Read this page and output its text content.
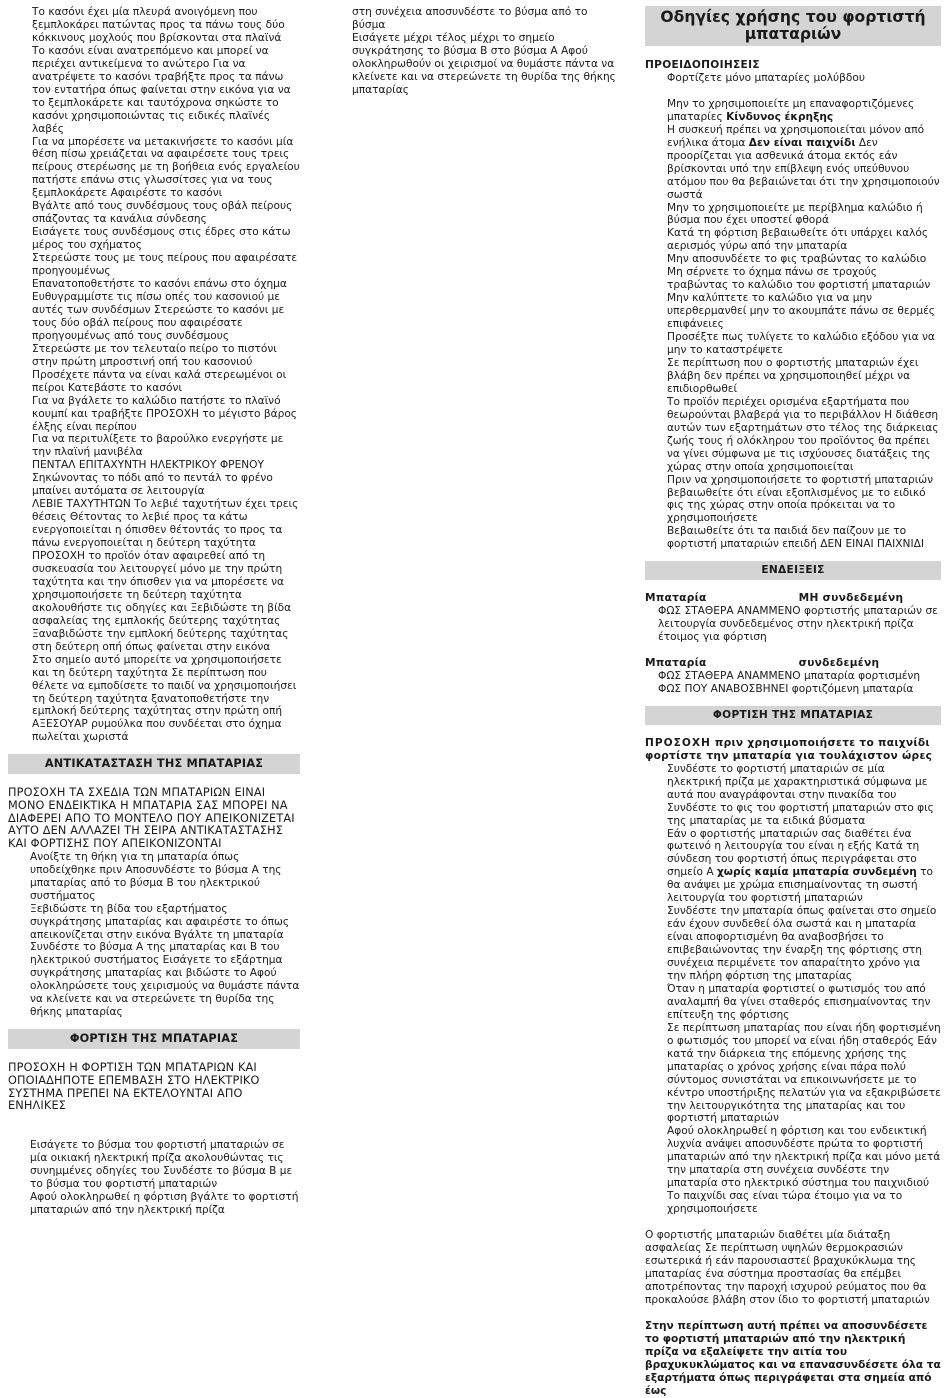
Το κασόνι έχει μία πλευρά ανοιγόμενη που ξεμπλοκάρει πατώντας προς τα πάνω τους δύο κόκκινους μοχλούς που βρίσκονται στα πλαϊνά

Το κασόνι είναι ανατρεπόμενο και μπορεί να περιέχει αντικείμενα το ανώτερο Για να ανατρέψετε το κασόνι τραβήξτε προς τα πάνω τον εντατήρα όπως φαίνεται στην εικόνα για να το ξεμπλοκάρετε και ταυτόχρονα σηκώστε το κασόνι χρησιμοποιώντας τις ειδικές πλαϊνές λαβές

Για να μπορέσετε να μετακινήσετε το κασόνι μία θέση πίσω χρειάζεται να αφαιρέσετε τους τρεις πείρους στερέωσης με τη βοήθεια ενός εργαλείου πατήστε επάνω στις γλωσσίτσες για να τους ξεμπλοκάρετε Αφαιρέστε το κασόνι

Βγάλτε από τους συνδέσμους τους οβάλ πείρους σπάζοντας τα κανάλια σύνδεσης

Εισάγετε τους συνδέσμους στις έδρες στο κάτω μέρος του σχήματος

Στερεώστε τους με τους πείρους που αφαιρέσατε προηγουμένως

Επανατοποθετήστε το κασόνι επάνω στο όχημα

Ευθυγραμμίστε τις πίσω οπές του κασονιού με αυτές των συνδέσμων Στερεώστε το κασόνι με τους δύο οβάλ πείρους που αφαιρέσατε προηγουμένως από τους συνδέσμους

Στερεώστε με τον τελευταίο πείρο το πιστόνι στην πρώτη μπροστινή οπή του κασονιού

Προσέχετε πάντα να είναι καλά στερεωμένοι οι πείροι Κατεβάστε το κασόνι

Για να βγάλετε το καλώδιο πατήστε το πλαϊνό κουμπί και τραβήξτε ΠΡΟΣΟΧΗ το μέγιστο βάρος έλξης είναι περίπου

Για να περιτυλίξετε το βαρούλκο ενεργήστε με την πλαϊνή μανιβέλα

ΠΕΝΤΑΛ ΕΠΙΤΑΧΥΝΤΗ ΗΛΕΚΤΡΙΚΟΥ ΦΡΕΝΟΥ Σηκώνοντας το πόδι από το πεντάλ το φρένο μπαίνει αυτόματα σε λειτουργία

ΛΕΒΙΕ ΤΑΧΥΤΗΤΩΝ Το λεβιέ ταχυτήτων έχει τρεις θέσεις Θέτοντας το λεβιέ προς τα κάτω ενεργοποιείται η όπισθεν θέτοντάς το προς τα πάνω ενεργοποιείται η δεύτερη ταχύτητα

ΠΡΟΣΟΧΗ το προϊόν όταν αφαιρεθεί από τη συσκευασία του λειτουργεί μόνο με την πρώτη ταχύτητα και την όπισθεν για να μπορέσετε να χρησιμοποιήσετε τη δεύτερη ταχύτητα ακολουθήστε τις οδηγίες και Ξεβιδώστε τη βίδα ασφαλείας της εμπλοκής δεύτερης ταχύτητας

Ξαναβιδώστε την εμπλοκή δεύτερης ταχύτητας στη δεύτερη οπή όπως φαίνεται στην εικόνα

Στο σημείο αυτό μπορείτε να χρησιμοποιήσετε και τη δεύτερη ταχύτητα Σε περίπτωση που θέλετε να εμποδίσετε το παιδί να χρησιμοποιήσει τη δεύτερη ταχύτητα ξανατοποθετήστε την εμπλοκή δεύτερης ταχύτητας στην πρώτη οπή

ΑΞΕΣΟΥΑΡ ρυμούλκα που συνδέεται στο όχημα πωλείται χωριστά

ΑΝΤΙΚΑΤΑΣΤΑΣΗ ΤΗΣ ΜΠΑΤΑΡΙΑΣ

ΠΡΟΣΟΧΗ ΤΑ ΣΧΕΔΙΑ ΤΩΝ ΜΠΑΤΑΡΙΩΝ ΕΙΝΑΙ ΜΟΝΟ ΕΝΔΕΙΚΤΙΚΑ Η ΜΠΑΤΑΡΙΑ ΣΑΣ ΜΠΟΡΕΙ ΝΑ ΔΙΑΦΕΡΕΙ ΑΠΟ ΤΟ ΜΟΝΤΕΛΟ ΠΟΥ ΑΠΕΙΚΟΝΙΖΕΤΑΙ ΑΥΤΟ ΔΕΝ ΑΛΛΑΖΕΙ ΤΗ ΣΕΙΡΑ ΑΝΤΙΚΑΤΑΣΤΑΣΗΣ ΚΑΙ ΦΟΡΤΙΣΗΣ ΠΟΥ ΑΠΕΙΚΟΝΙΖΟΝΤΑΙ

Ανοίξτε τη θήκη για τη μπαταρία όπως υποδείχθηκε πριν Αποσυνδέστε το βύσμα Α της μπαταρίας από το βύσμα Β του ηλεκτρικού συστήματος

Ξεβιδώστε τη βίδα του εξαρτήματος συγκράτησης μπαταρίας και αφαιρέστε το όπως απεικονίζεται στην εικόνα Βγάλτε τη μπαταρία

Συνδέστε το βύσμα Α της μπαταρίας και Β του ηλεκτρικού συστήματος Εισάγετε το εξάρτημα συγκράτησης μπαταρίας και βιδώστε το Αφού ολοκληρώσετε τους χειρισμούς να θυμάστε πάντα να κλείνετε και να στερεώνετε τη θυρίδα της θήκης μπαταρίας

ΦΟΡΤΙΣΗ ΤΗΣ ΜΠΑΤΑΡΙΑΣ

ΠΡΟΣΟΧΗ Η ΦΟΡΤΙΣΗ ΤΩΝ ΜΠΑΤΑΡΙΩΝ ΚΑΙ ΟΠΟΙΑΔΗΠΟΤΕ ΕΠΕΜΒΑΣΗ ΣΤΟ ΗΛΕΚΤΡΙΚΟ ΣΥΣΤΗΜΑ ΠΡΕΠΕΙ ΝΑ ΕΚΤΕΛΟΥΝΤΑΙ ΑΠΟ ΕΝΗΛΙΚΕΣ

Εισάγετε το βύσμα του φορτιστή μπαταριών σε μία οικιακή ηλεκτρική πρίζα ακολουθώντας τις συνημμένες οδηγίες του Συνδέστε το βύσμα Β με το βύσμα του φορτιστή μπαταριών

Αφού ολοκληρωθεί η φόρτιση βγάλτε το φορτιστή μπαταριών από την ηλεκτρική πρίζα

στη συνέχεια αποσυνδέστε το βύσμα από το βύσμα
Εισάγετε μέχρι τέλος μέχρι το σημείο συγκράτησης το βύσμα Β στο βύσμα Α Αφού ολοκληρωθούν οι χειρισμοί να θυμάστε πάντα να κλείνετε και να στερεώνετε τη θυρίδα της θήκης μπαταρίας

Οδηγίες χρήσης του φορτιστή μπαταριών

ΠΡΟΕΙΔΟΠΟΙΗΣΕΙΣ

Φορτίζετε μόνο μπαταρίες μολύβδου

Μην το χρησιμοποιείτε μη επαναφορτιζόμενες μπαταρίες Κίνδυνος έκρηξης

Η συσκευή πρέπει να χρησιμοποιείται μόνον από ενήλικα άτομα Δεν είναι παιχνίδι Δεν προορίζεται για ασθενικά άτομα εκτός εάν βρίσκονται υπό την επίβλεψη ενός υπεύθυνου ατόμου που θα βεβαιώνεται ότι την χρησιμοποιούν σωστά

Μην το χρησιμοποιείτε με περίβλημα καλώδιο ή βύσμα που έχει υποστεί φθορά

Κατά τη φόρτιση βεβαιωθείτε ότι υπάρχει καλός αερισμός γύρω από την μπαταρία

Μην αποσυνδέετε το φις τραβώντας το καλώδιο

Μη σέρνετε το όχημα πάνω σε τροχούς τραβώντας το καλώδιο του φορτιστή μπαταριών

Μην καλύπτετε το καλώδιο για να μην υπερθερμανθεί μην το ακουμπάτε πάνω σε θερμές επιφάνειες

Προσέξτε πως τυλίγετε το καλώδιο εξόδου για να μην το καταστρέψετε

Σε περίπτωση που ο φορτιστής μπαταριών έχει βλάβη δεν πρέπει να χρησιμοποιηθεί μέχρι να επιδιορθωθεί

Το προϊόν περιέχει ορισμένα εξαρτήματα που θεωρούνται βλαβερά για το περιβάλλον Η διάθεση αυτών των εξαρτημάτων στο τέλος της διάρκειας ζωής τους ή ολόκληρου του προϊόντος θα πρέπει να γίνει σύμφωνα με τις ισχύουσες διατάξεις της χώρας στην οποία χρησιμοποιείται

Πριν να χρησιμοποιήσετε το φορτιστή μπαταριών βεβαιωθείτε ότι είναι εξοπλισμένος με το ειδικό φις της χώρας στην οποία πρόκειται να το χρησιμοποιήσετε

Βεβαιωθείτε ότι τα παιδιά δεν παίζουν με το φορτιστή μπαταριών επειδή ΔΕΝ ΕΙΝΑΙ ΠΑΙΧΝΙΔΙ

ΕΝΔΕΙΞΕΙΣ

Μπαταρία	ΜΗ συνδεδεμένη

ΦΩΣ ΣΤΑΘΕΡΑ ΑΝΑΜΜΕΝΟ φορτιστής μπαταριών σε λειτουργία συνδεδεμένος στην ηλεκτρική πρίζα έτοιμος για φόρτιση

Μπαταρία	συνδεδεμένη

ΦΩΣ ΣΤΑΘΕΡΑ ΑΝΑΜΜΕΝΟ μπαταρία φορτισμένη

ΦΩΣ ΠΟΥ ΑΝΑΒΟΣΒΗΝΕΙ φορτιζόμενη μπαταρία

ΦΟΡΤΙΣΗ ΤΗΣ ΜΠΑΤΑΡΙΑΣ

ΠΡΟΣΟΧΗ πριν χρησιμοποιήσετε το παιχνίδι φορτίστε την μπαταρία για τουλάχιστον ώρες

Συνδέστε το φορτιστή μπαταριών σε μία ηλεκτρική πρίζα με χαρακτηριστικά σύμφωνα με αυτά που αναγράφονται στην πινακίδα του

Συνδέστε το φις του φορτιστή μπαταριών στο φις της μπαταρίας με τα ειδικά βύσματα

Εάν ο φορτιστής μπαταριών σας διαθέτει ένα φωτεινό η λειτουργία του είναι η εξής Κατά τη σύνδεση του φορτιστή όπως περιγράφεται στο σημείο Α χωρίς καμία μπαταρία συνδεμένη το θα ανάψει με χρώμα επισημαίνοντας τη σωστή λειτουργία του φορτιστή μπαταριών

Συνδέστε την μπαταρία όπως φαίνεται στο σημείο εάν έχουν συνδεθεί όλα σωστά και η μπαταρία είναι αποφορτισμένη θα αναβοσβήσει το επιβεβαιώνοντας την έναρξη της φόρτισης στη συνέχεια περιμένετε τον απαραίτητο χρόνο για την πλήρη φόρτιση της μπαταρίας

Όταν η μπαταρία φορτιστεί ο φωτισμός του από αναλαμπή θα γίνει σταθερός επισημαίνοντας την επίτευξη της φόρτισης

Σε περίπτωση μπαταρίας που είναι ήδη φορτισμένη ο φωτισμός του μπορεί να είναι ήδη σταθερός Εάν κατά την διάρκεια της επόμενης χρήσης της μπαταρίας ο χρόνος χρήσης είναι πάρα πολύ σύντομος συνιστάται να επικοινωνήσετε με το κέντρο υποστήριξης πελατών για να εξακριβώσετε την λειτουργικότητα της μπαταρίας και του φορτιστή μπαταριών

Αφού ολοκληρωθεί η φόρτιση και του ενδεικτική λυχνία ανάψει αποσυνδέστε πρώτα το φορτιστή μπαταριών από την ηλεκτρική πρίζα και μόνο μετά την μπαταρία στη συνέχεια συνδέστε την μπαταρία στο ηλεκτρικό σύστημα του παιχνιδιού Το παιχνίδι σας είναι τώρα έτοιμο για να το χρησιμοποιήσετε

Ο φορτιστής μπαταριών διαθέτει μία διάταξη ασφαλείας Σε περίπτωση υψηλών θερμοκρασιών εσωτερικά ή εάν παρουσιαστεί βραχυκύκλωμα της μπαταρίας ένα σύστημα προστασίας θα επέμβει αποτρέποντας την παροχή ισχυρού ρεύματος που θα προκαλούσε βλάβη στον ίδιο το φορτιστή μπαταριών

Στην περίπτωση αυτή πρέπει να αποσυνδέσετε το φορτιστή μπαταριών από την ηλεκτρική πρίζα να εξαλείψετε την αιτία του βραχυκυκλώματος και να επανασυνδέσετε όλα τα εξαρτήματα όπως περιγράφεται στα σημεία από έως
